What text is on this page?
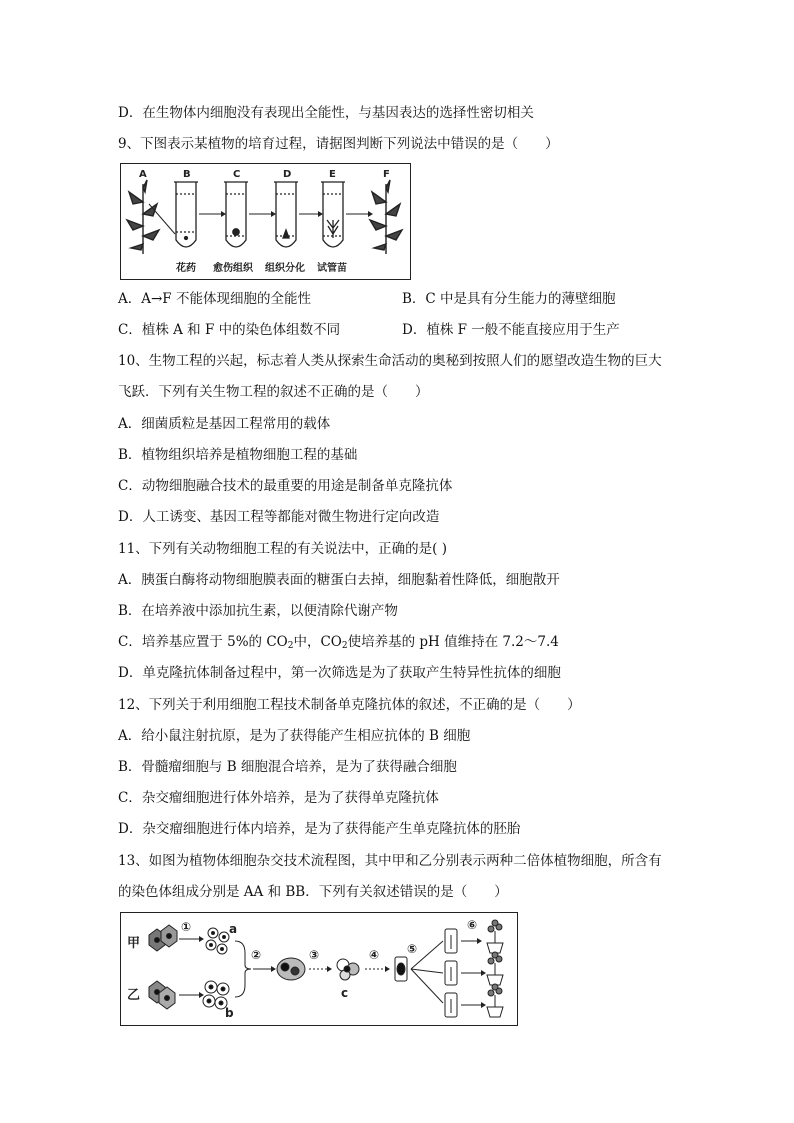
D．在生物体内细胞没有表现出全能性，与基因表达的选择性密切相关
9、下图表示某植物的培育过程，请据图判断下列说法中错误的是（　　）
A	B	C	D	E	F
花药 愈伤组织 组织分化 试管苗
A．A→F 不能体现细胞的全能性	B．C 中是具有分生能力的薄壁细胞
C．植株 A 和 F 中的染色体组数不同	D．植株 F 一般不能直接应用于生产
10、生物工程的兴起，标志着人类从探索生命活动的奥秘到按照人们的愿望改造生物的巨大
飞跃．下列有关生物工程的叙述不正确的是（　　）
A．细菌质粒是基因工程常用的载体
B．植物组织培养是植物细胞工程的基础
C．动物细胞融合技术的最重要的用途是制备单克隆抗体
D．人工诱变、基因工程等都能对微生物进行定向改造
11、下列有关动物细胞工程的有关说法中，正确的是( )
A．胰蛋白酶将动物细胞膜表面的糖蛋白去掉，细胞黏着性降低，细胞散开
B．在培养液中添加抗生素，以便清除代谢产物
C．培养基应置于 5%的 $CO_2$中，$CO_2$使培养基的 pH 值维持在 7.2～7.4
D．单克隆抗体制备过程中，第一次筛选是为了获取产生特异性抗体的细胞
12、下列关于利用细胞工程技术制备单克隆抗体的叙述，不正确的是（　　）
A．给小鼠注射抗原，是为了获得能产生相应抗体的 B 细胞
B．骨髓瘤细胞与 B 细胞混合培养，是为了获得融合细胞
C．杂交瘤细胞进行体外培养，是为了获得单克隆抗体
D．杂交瘤细胞进行体内培养，是为了获得能产生单克隆抗体的胚胎
13、如图为植物体细胞杂交技术流程图，其中甲和乙分别表示两种二倍体植物细胞，所含有
的染色体组成分别是 AA 和 BB．下列有关叙述错误的是（　　）
甲
乙
①	a
b
②	③
c
④ ⑤
⑥
